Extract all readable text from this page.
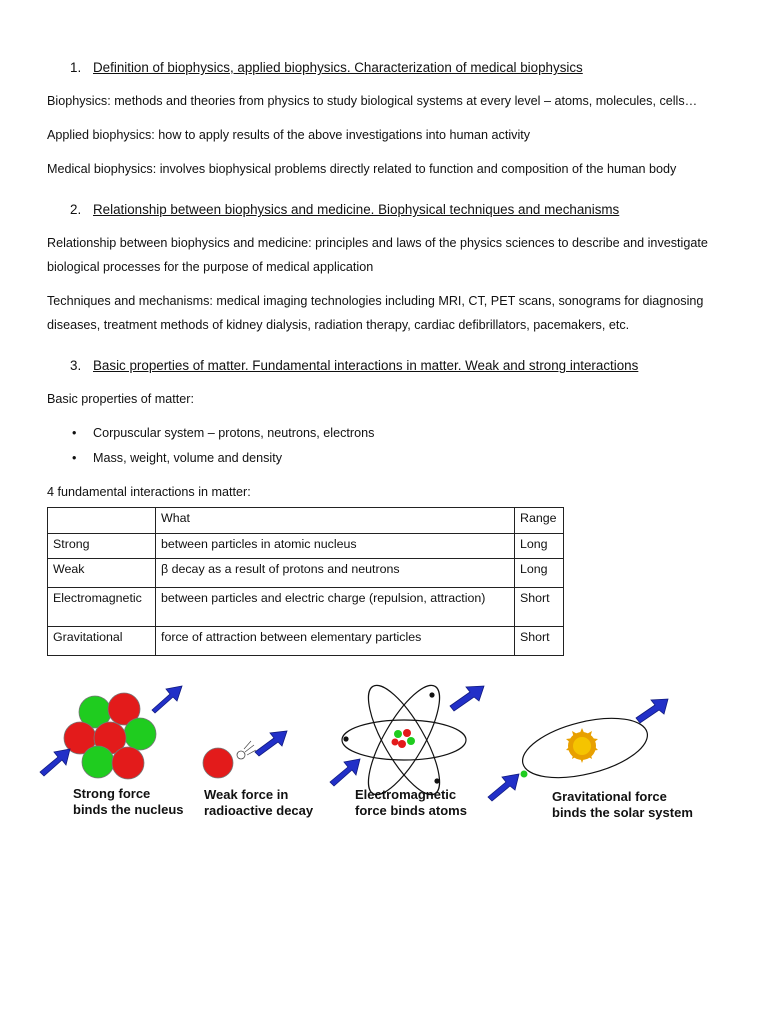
1. Definition of biophysics, applied biophysics. Characterization of medical biophysics
Biophysics: methods and theories from physics to study biological systems at every level – atoms, molecules, cells…
Applied biophysics: how to apply results of the above investigations into human activity
Medical biophysics: involves biophysical problems directly related to function and composition of the human body
2. Relationship between biophysics and medicine. Biophysical techniques and mechanisms
Relationship between biophysics and medicine: principles and laws of the physics sciences to describe and investigate biological processes for the purpose of medical application
Techniques and mechanisms: medical imaging technologies including MRI, CT, PET scans, sonograms for diagnosing diseases, treatment methods of kidney dialysis, radiation therapy, cardiac defibrillators, pacemakers, etc.
3. Basic properties of matter. Fundamental interactions in matter. Weak and strong interactions
Basic properties of matter:
• Corpuscular system – protons, neutrons, electrons
• Mass, weight, volume and density
4 fundamental interactions in matter:
	What	Range
Strong	between particles in atomic nucleus	Long
Weak	β decay as a result of protons and neutrons	Long
Electromagnetic	between particles and electric charge (repulsion, attraction)	Short
Gravitational	force of attraction between elementary particles	Short
Strong force
binds the nucleus
Weak force in
radioactive decay
Electromagnetic
force binds atoms
Gravitational force
binds the solar system
